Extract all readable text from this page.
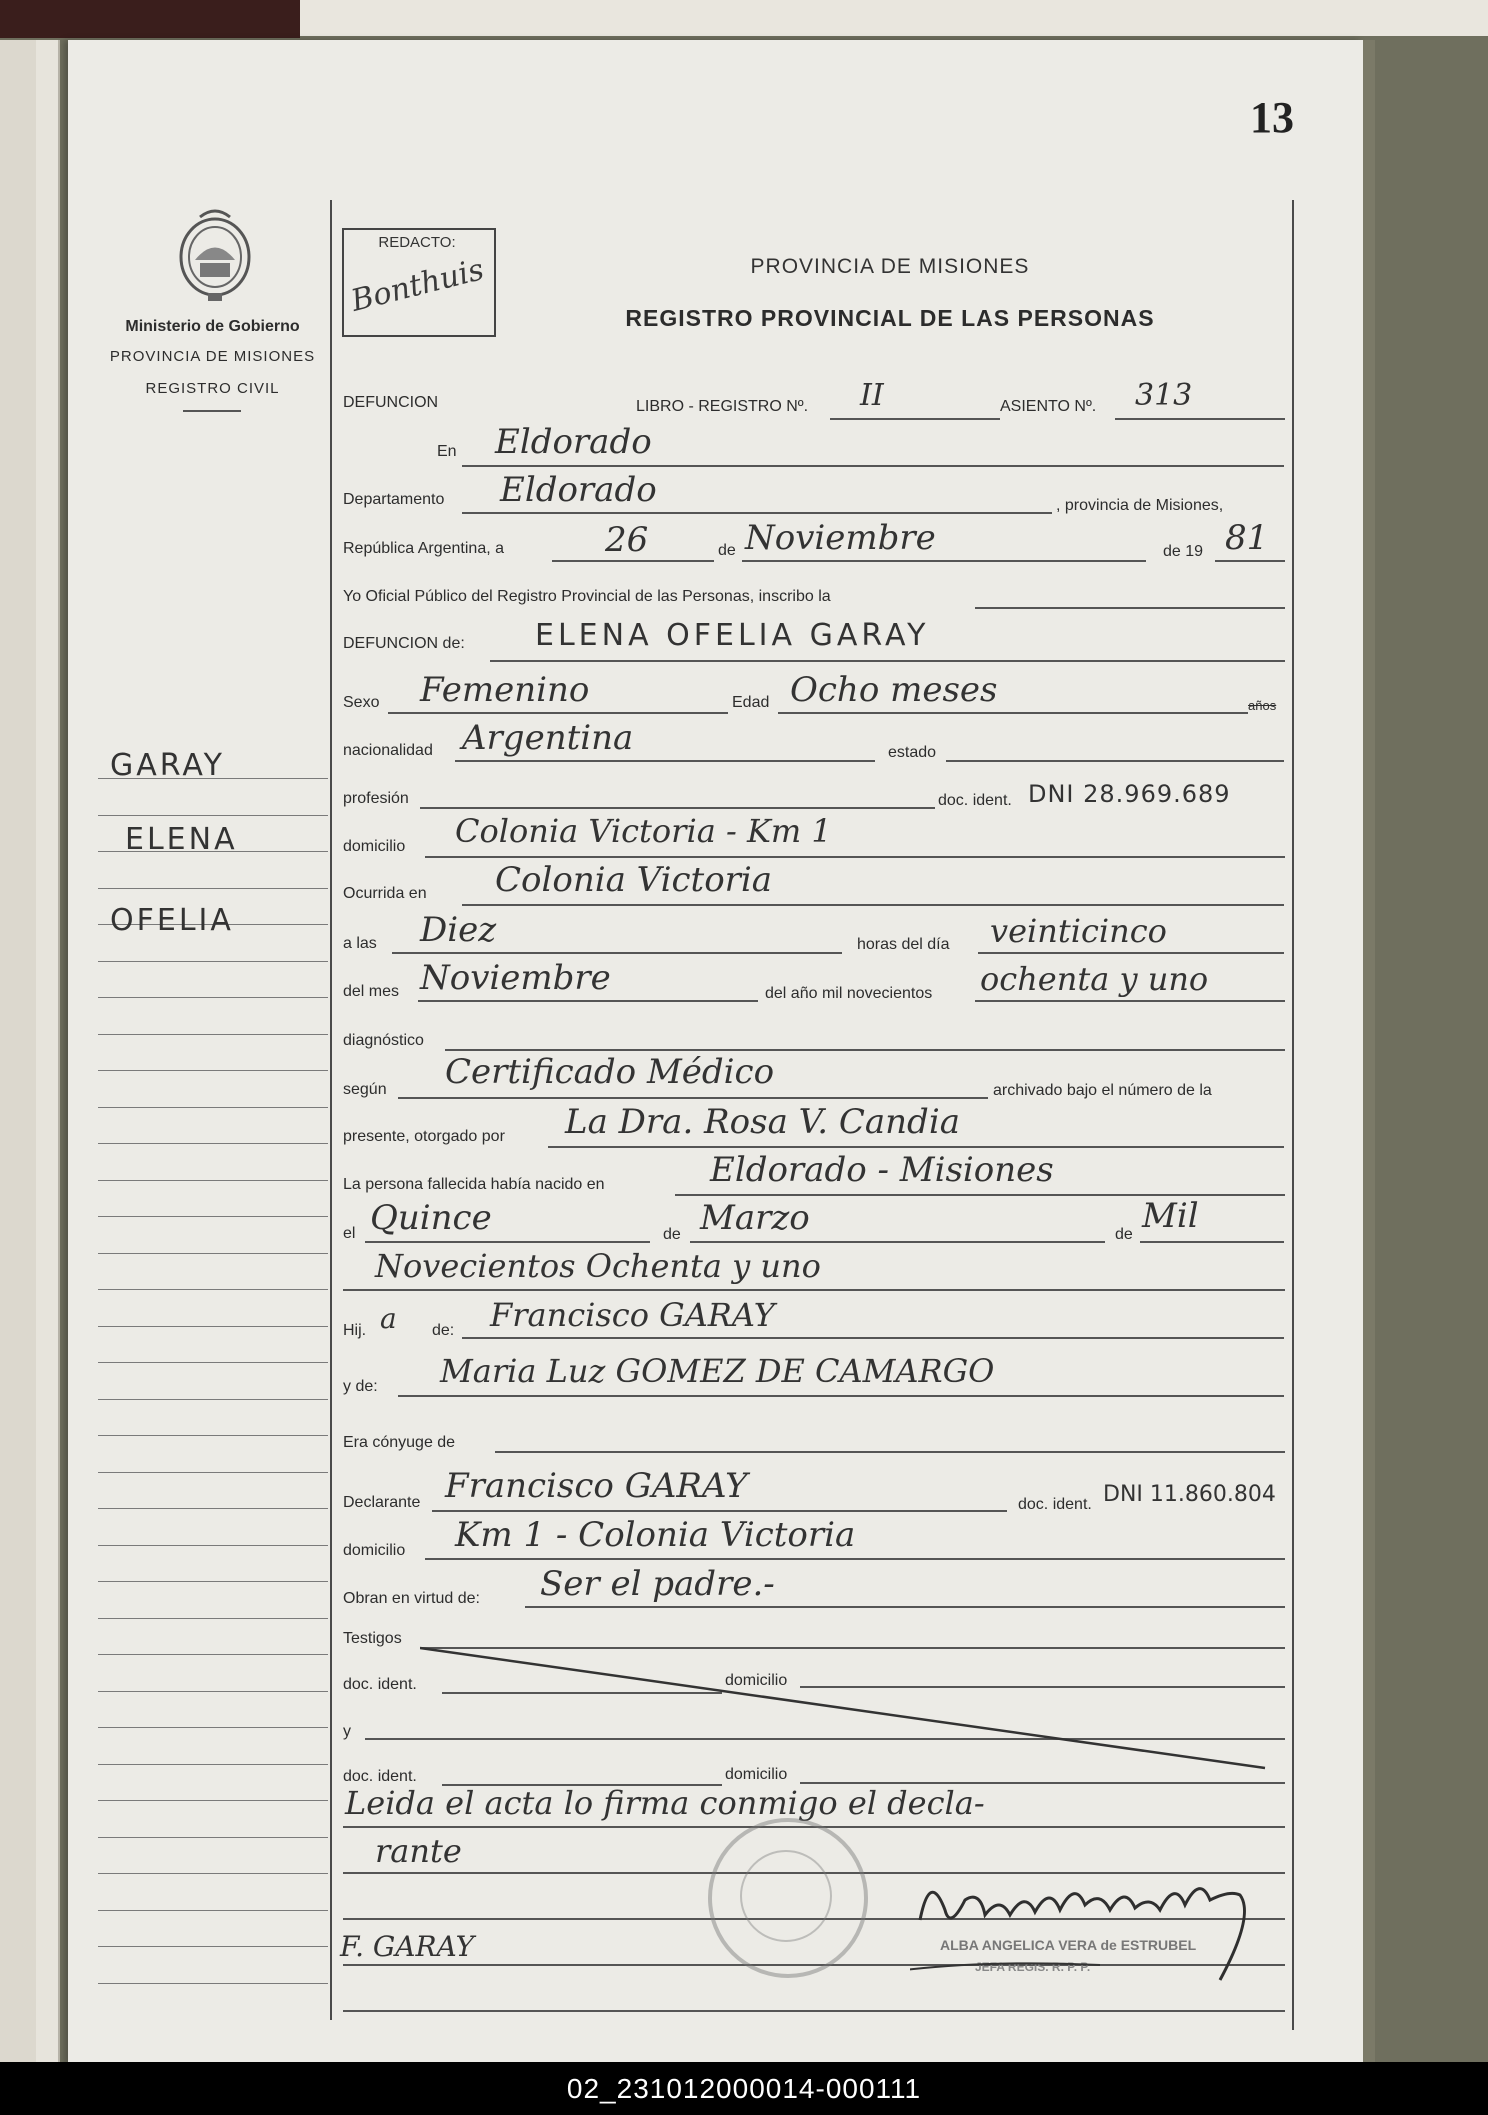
13
Ministerio de Gobierno
PROVINCIA DE MISIONES
REGISTRO CIVIL
REDACTO:
Bonthuis	PROVINCIA DE MISIONES
REGISTRO PROVINCIAL DE LAS PERSONAS
GARAY
ELENA
OFELIA
DEFUNCION	LIBRO - REGISTRO Nº. II	ASIENTO Nº. 313
En Eldorado
Departamento Eldorado	, provincia de Misiones,
República Argentina, a	26	de Noviembre	de 19 81
Yo Oficial Público del Registro Provincial de las Personas, inscribo la
DEFUNCION de: ELENA OFELIA GARAY
Sexo Femenino	Edad Ocho meses	años
nacionalidad Argentina	estado
profesión	doc. ident. DNI 28.969.689
domicilio Colonia Victoria - Km 1
Ocurrida en Colonia Victoria
a las Diez	horas del día veinticinco
del mes Noviembre	del año mil novecientos ochenta y uno
diagnóstico
según Certificado Médico	archivado bajo el número de la
presente, otorgado por La Dra. Rosa V. Candia
La persona fallecida había nacido en	Eldorado - Misiones
el Quince	de Marzo	de Mil
Novecientos Ochenta y uno
Hij. a de: Francisco GARAY
y de: Maria Luz GOMEZ DE CAMARGO
Era cónyuge de
Declarante Francisco GARAY	doc. ident. DNI 11.860.804
domicilio Km 1 - Colonia Victoria
Obran en virtud de: Ser el padre.-
Testigos
doc. ident.	domicilio
y
doc. ident.	domicilio
Leida el acta lo firma conmigo el decla-
rante
F. GARAY	ALBA ANGELICA VERA de ESTRUBEL
JEFA REGIS. R. P. P.
02_231012000014-000111
